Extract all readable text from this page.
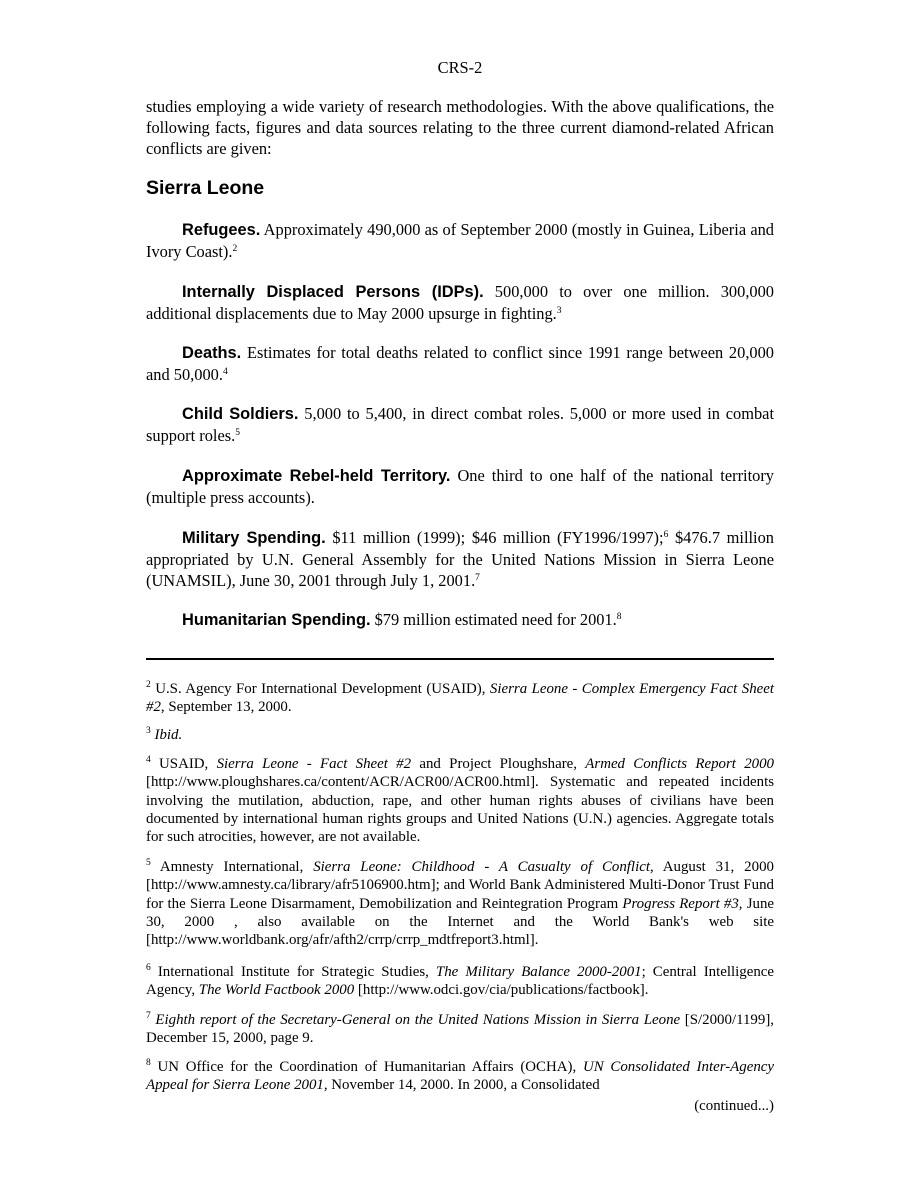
CRS-2

studies employing a wide variety of research methodologies. With the above qualifications, the following facts, figures and data sources relating to the three current diamond-related African conflicts are given:

Sierra Leone

Refugees. Approximately 490,000 as of September 2000 (mostly in Guinea, Liberia and Ivory Coast).$^2$

Internally Displaced Persons (IDPs). 500,000 to over one million. 300,000 additional displacements due to May 2000 upsurge in fighting.$^3$

Deaths. Estimates for total deaths related to conflict since 1991 range between 20,000 and 50,000.$^4$

Child Soldiers. 5,000 to 5,400, in direct combat roles. 5,000 or more used in combat support roles.$^5$

Approximate Rebel-held Territory. One third to one half of the national territory (multiple press accounts).

Military Spending. $11 million (1999); $46 million (FY1996/1997);$^6$ $476.7 million appropriated by U.N. General Assembly for the United Nations Mission in Sierra Leone (UNAMSIL), June 30, 2001 through July 1, 2001.$^7$

Humanitarian Spending. $79 million estimated need for 2001.$^8$

$^2$ U.S. Agency For International Development (USAID), Sierra Leone - Complex Emergency Fact Sheet #2, September 13, 2000.

$^3$ Ibid.

$^4$ USAID, Sierra Leone - Fact Sheet #2 and Project Ploughshare, Armed Conflicts Report 2000 [http://www.ploughshares.ca/content/ACR/ACR00/ACR00.html]. Systematic and repeated incidents involving the mutilation, abduction, rape, and other human rights abuses of civilians have been documented by international human rights groups and United Nations (U.N.) agencies. Aggregate totals for such atrocities, however, are not available.

$^5$ Amnesty International, Sierra Leone: Childhood - A Casualty of Conflict, August 31, 2000 [http://www.amnesty.ca/library/afr5106900.htm]; and World Bank Administered Multi-Donor Trust Fund for the Sierra Leone Disarmament, Demobilization and Reintegration Program Progress Report #3, June 30, 2000 , also available on the Internet and the World Bank's web site [http://www.worldbank.org/afr/afth2/crrp/crrp_mdtfreport3.html].

$^6$ International Institute for Strategic Studies, The Military Balance 2000-2001; Central Intelligence Agency, The World Factbook 2000 [http://www.odci.gov/cia/publications/factbook].

$^7$ Eighth report of the Secretary-General on the United Nations Mission in Sierra Leone [S/2000/1199], December 15, 2000, page 9.

$^8$ UN Office for the Coordination of Humanitarian Affairs (OCHA), UN Consolidated Inter-Agency Appeal for Sierra Leone 2001, November 14, 2000. In 2000, a Consolidated

(continued...)
